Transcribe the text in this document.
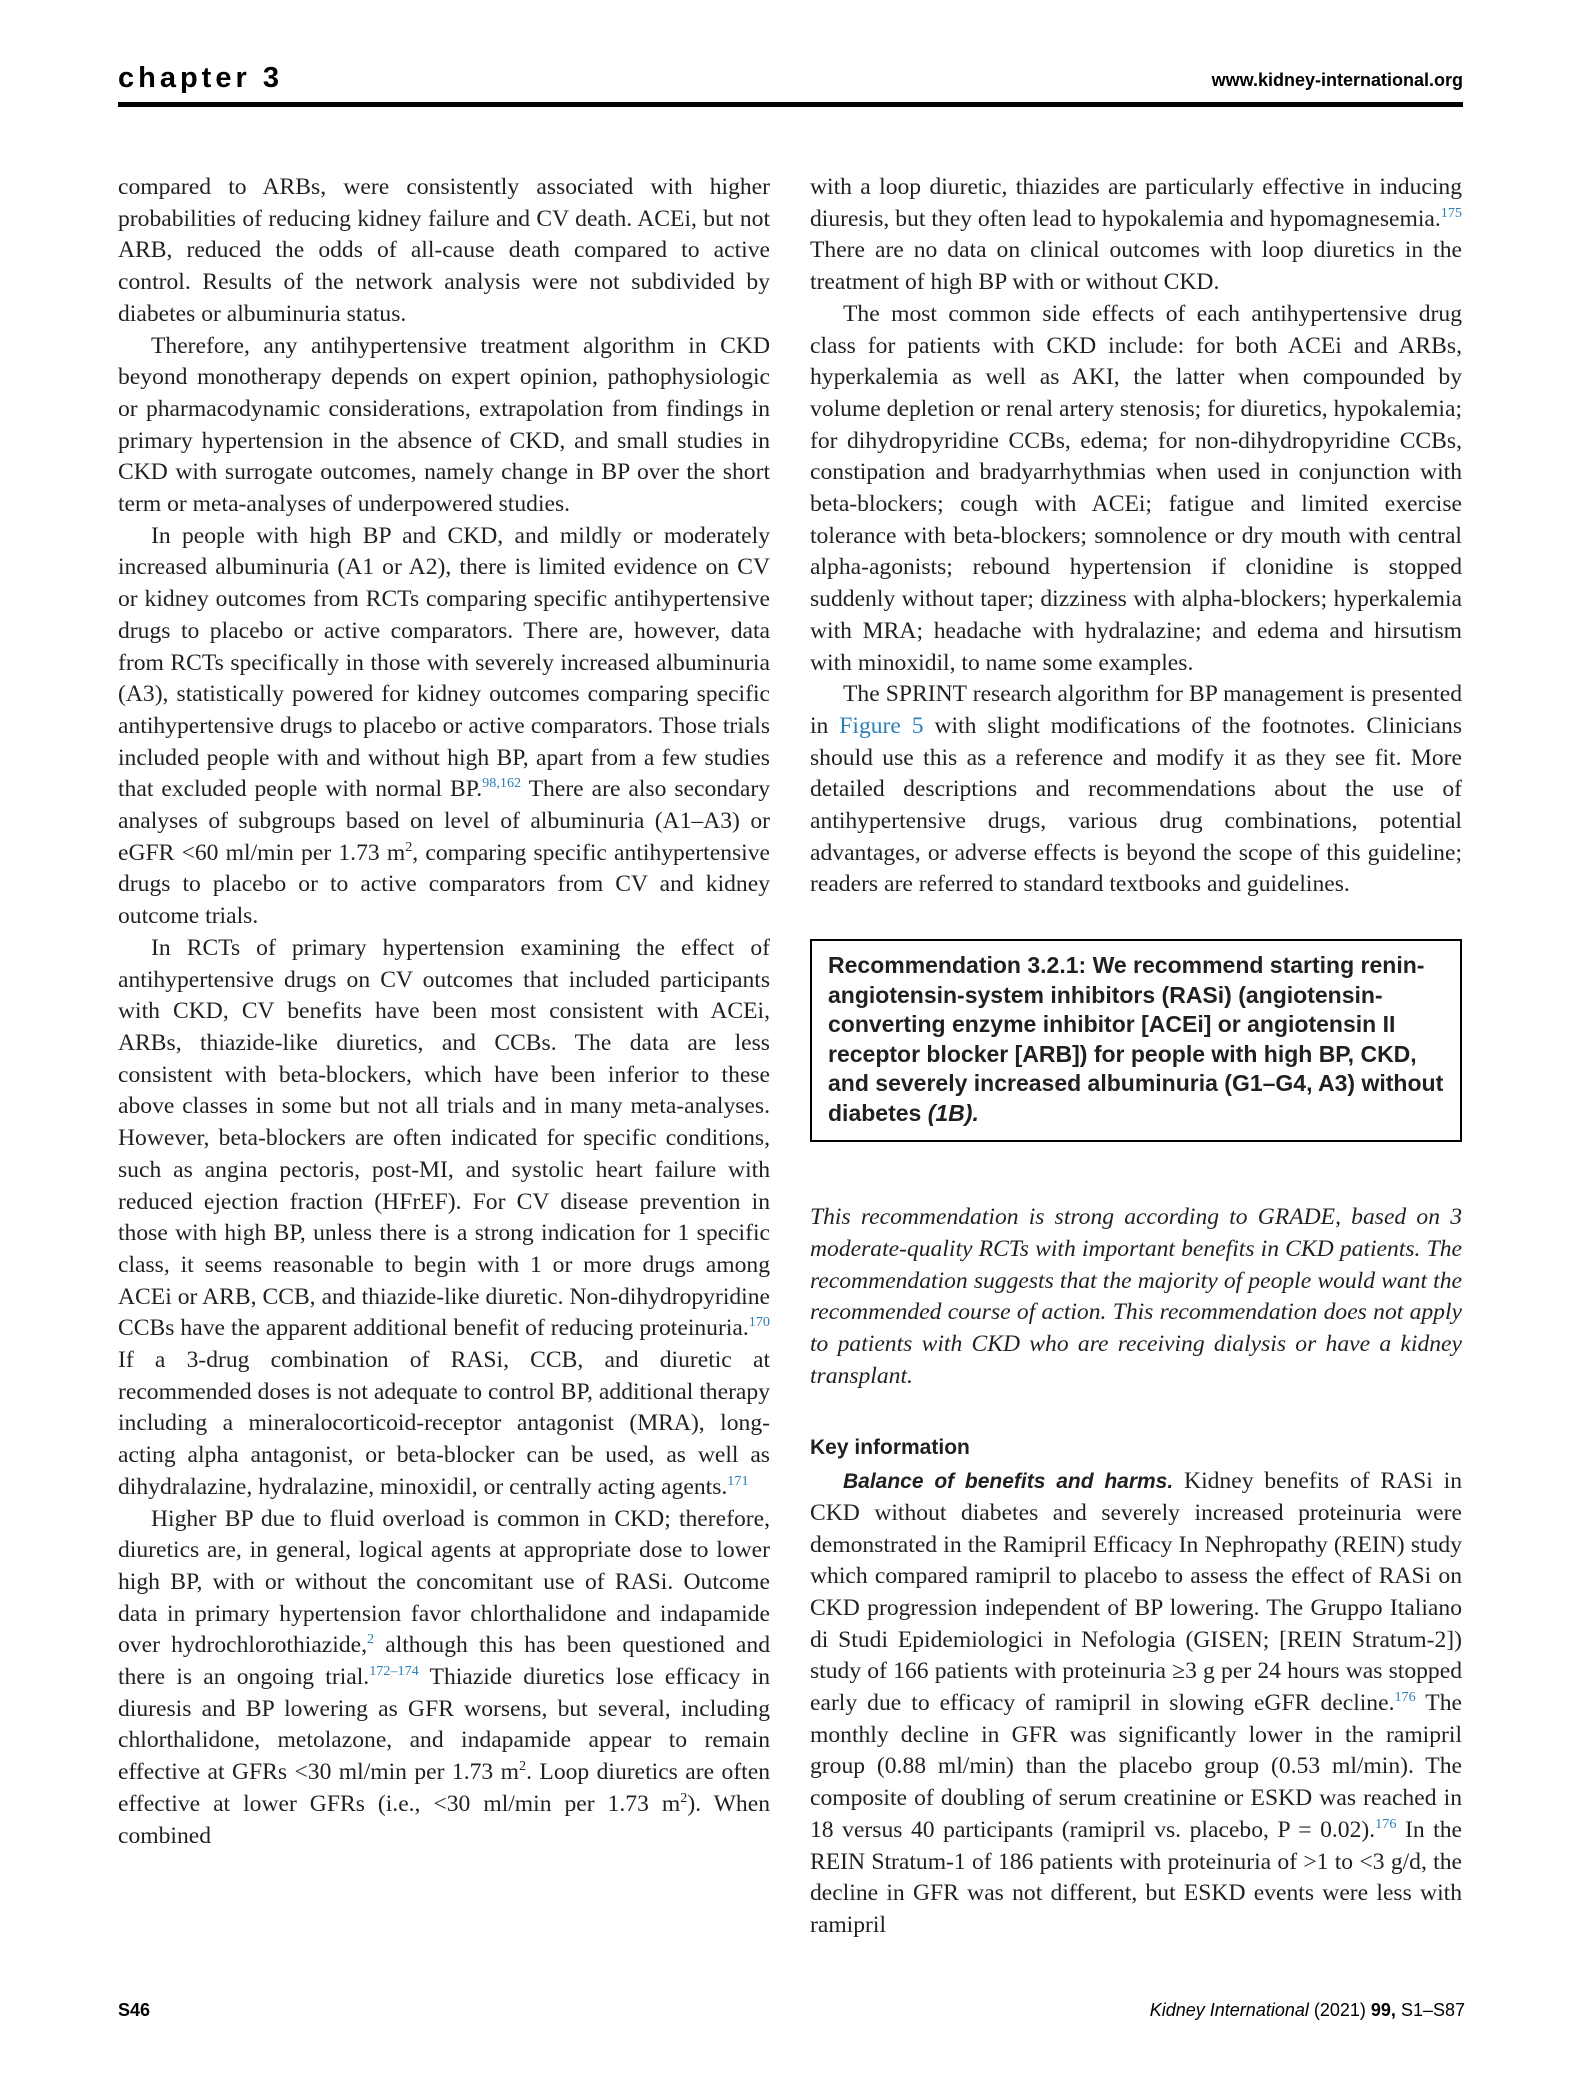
chapter 3	www.kidney-international.org

compared to ARBs, were consistently associated with higher probabilities of reducing kidney failure and CV death. ACEi, but not ARB, reduced the odds of all-cause death compared to active control. Results of the network analysis were not subdivided by diabetes or albuminuria status.

Therefore, any antihypertensive treatment algorithm in CKD beyond monotherapy depends on expert opinion, pathophysiologic or pharmacodynamic considerations, extrapolation from findings in primary hypertension in the absence of CKD, and small studies in CKD with surrogate outcomes, namely change in BP over the short term or meta-analyses of underpowered studies.

In people with high BP and CKD, and mildly or moderately increased albuminuria (A1 or A2), there is limited evidence on CV or kidney outcomes from RCTs comparing specific antihypertensive drugs to placebo or active comparators. There are, however, data from RCTs specifically in those with severely increased albuminuria (A3), statistically powered for kidney outcomes comparing specific antihypertensive drugs to placebo or active comparators. Those trials included people with and without high BP, apart from a few studies that excluded people with normal BP.$^{98,162}$ There are also secondary analyses of subgroups based on level of albuminuria (A1–A3) or eGFR <60 ml/min per 1.73 $m^2$, comparing specific antihypertensive drugs to placebo or to active comparators from CV and kidney outcome trials.

In RCTs of primary hypertension examining the effect of antihypertensive drugs on CV outcomes that included participants with CKD, CV benefits have been most consistent with ACEi, ARBs, thiazide-like diuretics, and CCBs. The data are less consistent with beta-blockers, which have been inferior to these above classes in some but not all trials and in many meta-analyses. However, beta-blockers are often indicated for specific conditions, such as angina pectoris, post-MI, and systolic heart failure with reduced ejection fraction (HFrEF). For CV disease prevention in those with high BP, unless there is a strong indication for 1 specific class, it seems reasonable to begin with 1 or more drugs among ACEi or ARB, CCB, and thiazide-like diuretic. Non-dihydropyridine CCBs have the apparent additional benefit of reducing proteinuria.$^{170}$ If a 3-drug combination of RASi, CCB, and diuretic at recommended doses is not adequate to control BP, additional therapy including a mineralocorticoid-receptor antagonist (MRA), long-acting alpha antagonist, or beta-blocker can be used, as well as dihydralazine, hydralazine, minoxidil, or centrally acting agents.$^{171}$

Higher BP due to fluid overload is common in CKD; therefore, diuretics are, in general, logical agents at appropriate dose to lower high BP, with or without the concomitant use of RASi. Outcome data in primary hypertension favor chlorthalidone and indapamide over hydrochlorothiazide,$^2$ although this has been questioned and there is an ongoing trial.$^{172-174}$ Thiazide diuretics lose efficacy in diuresis and BP lowering as GFR worsens, but several, including chlorthalidone, metolazone, and indapamide appear to remain effective at GFRs <30 ml/min per 1.73 $m^2$. Loop diuretics are often effective at lower GFRs (i.e., <30 ml/min per 1.73 $m^2$). When combined

with a loop diuretic, thiazides are particularly effective in inducing diuresis, but they often lead to hypokalemia and hypomagnesemia.$^{175}$ There are no data on clinical outcomes with loop diuretics in the treatment of high BP with or without CKD.

The most common side effects of each antihypertensive drug class for patients with CKD include: for both ACEi and ARBs, hyperkalemia as well as AKI, the latter when compounded by volume depletion or renal artery stenosis; for diuretics, hypokalemia; for dihydropyridine CCBs, edema; for non-dihydropyridine CCBs, constipation and bradyarrhythmias when used in conjunction with beta-blockers; cough with ACEi; fatigue and limited exercise tolerance with beta-blockers; somnolence or dry mouth with central alpha-agonists; rebound hypertension if clonidine is stopped suddenly without taper; dizziness with alpha-blockers; hyperkalemia with MRA; headache with hydralazine; and edema and hirsutism with minoxidil, to name some examples.

The SPRINT research algorithm for BP management is presented in Figure 5 with slight modifications of the footnotes. Clinicians should use this as a reference and modify it as they see fit. More detailed descriptions and recommendations about the use of antihypertensive drugs, various drug combinations, potential advantages, or adverse effects is beyond the scope of this guideline; readers are referred to standard textbooks and guidelines.

Recommendation 3.2.1: We recommend starting renin-angiotensin-system inhibitors (RASi) (angiotensin-converting enzyme inhibitor [ACEi] or angiotensin II receptor blocker [ARB]) for people with high BP, CKD, and severely increased albuminuria (G1–G4, A3) without diabetes (1B).

This recommendation is strong according to GRADE, based on 3 moderate-quality RCTs with important benefits in CKD patients. The recommendation suggests that the majority of people would want the recommended course of action. This recommendation does not apply to patients with CKD who are receiving dialysis or have a kidney transplant.

Key information

Balance of benefits and harms. Kidney benefits of RASi in CKD without diabetes and severely increased proteinuria were demonstrated in the Ramipril Efficacy In Nephropathy (REIN) study which compared ramipril to placebo to assess the effect of RASi on CKD progression independent of BP lowering. The Gruppo Italiano di Studi Epidemiologici in Nefologia (GISEN; [REIN Stratum-2]) study of 166 patients with proteinuria ≥3 g per 24 hours was stopped early due to efficacy of ramipril in slowing eGFR decline.$^{176}$ The monthly decline in GFR was significantly lower in the ramipril group (0.88 ml/min) than the placebo group (0.53 ml/min). The composite of doubling of serum creatinine or ESKD was reached in 18 versus 40 participants (ramipril vs. placebo, P = 0.02).$^{176}$ In the REIN Stratum-1 of 186 patients with proteinuria of >1 to <3 g/d, the decline in GFR was not different, but ESKD events were less with ramipril

S46	Kidney International (2021) 99, S1–S87
